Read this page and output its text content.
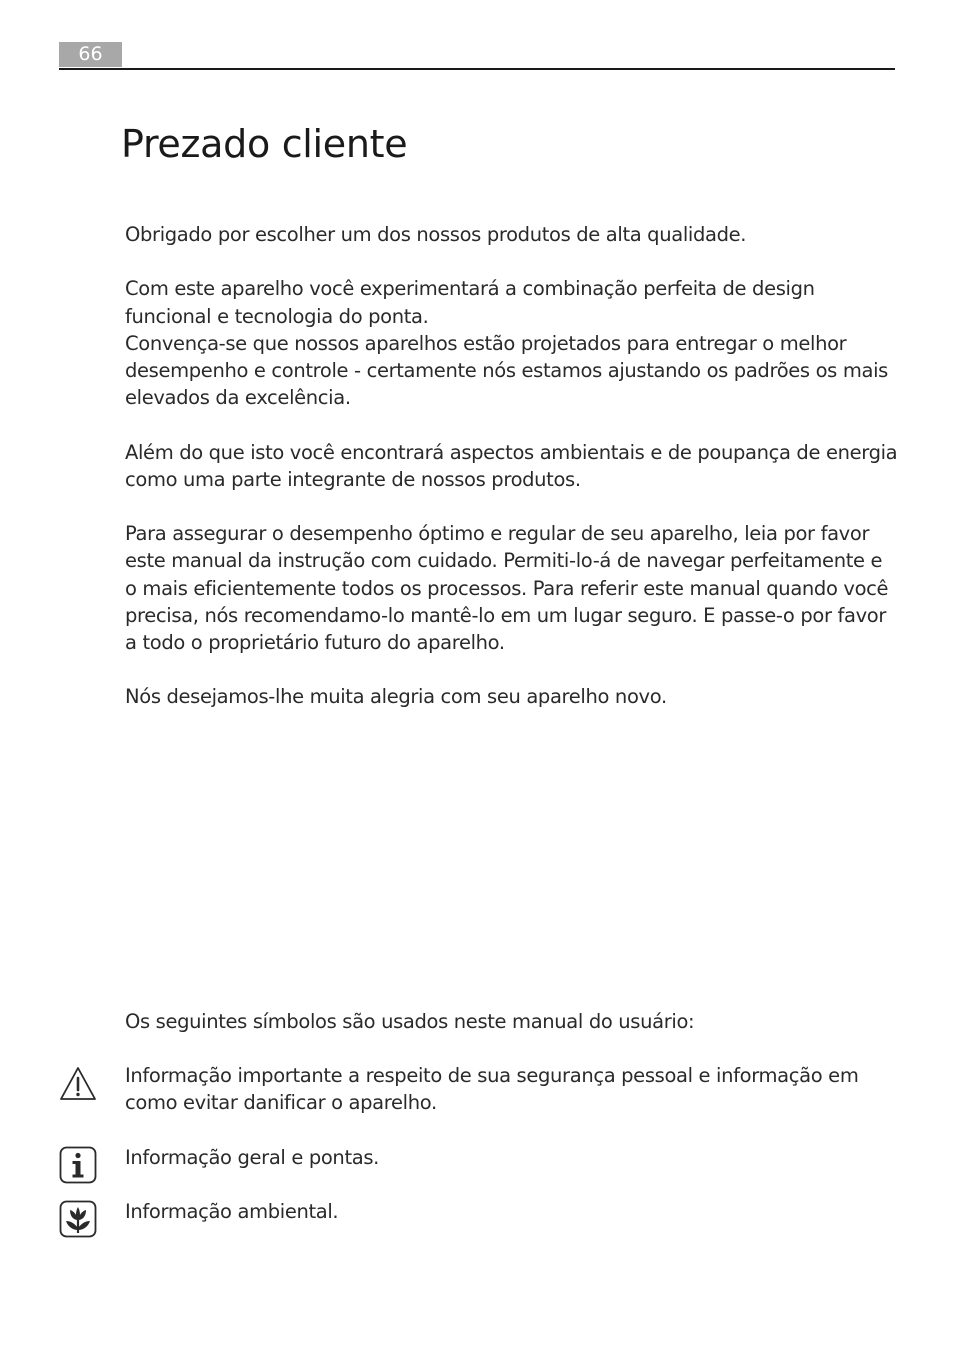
66
Prezado cliente

Obrigado por escolher um dos nossos produtos de alta qualidade.

Com este aparelho você experimentará a combinação perfeita de design
funcional e tecnologia do ponta.
Convença-se que nossos aparelhos estão projetados para entregar o melhor
desempenho e controle - certamente nós estamos ajustando os padrões os mais
elevados da excelência.

Além do que isto você encontrará aspectos ambientais e de poupança de energia
como uma parte integrante de nossos produtos.

Para assegurar o desempenho óptimo e regular de seu aparelho, leia por favor
este manual da instrução com cuidado. Permiti-lo-á de navegar perfeitamente e
o mais eficientemente todos os processos. Para referir este manual quando você
precisa, nós recomendamo-lo mantê-lo em um lugar seguro. E passe-o por favor
a todo o proprietário futuro do aparelho.

Nós desejamos-lhe muita alegria com seu aparelho novo.

Os seguintes símbolos são usados neste manual do usuário:

Informação importante a respeito de sua segurança pessoal e informação em
como evitar danificar o aparelho.

Informação geral e pontas.

Informação ambiental.
